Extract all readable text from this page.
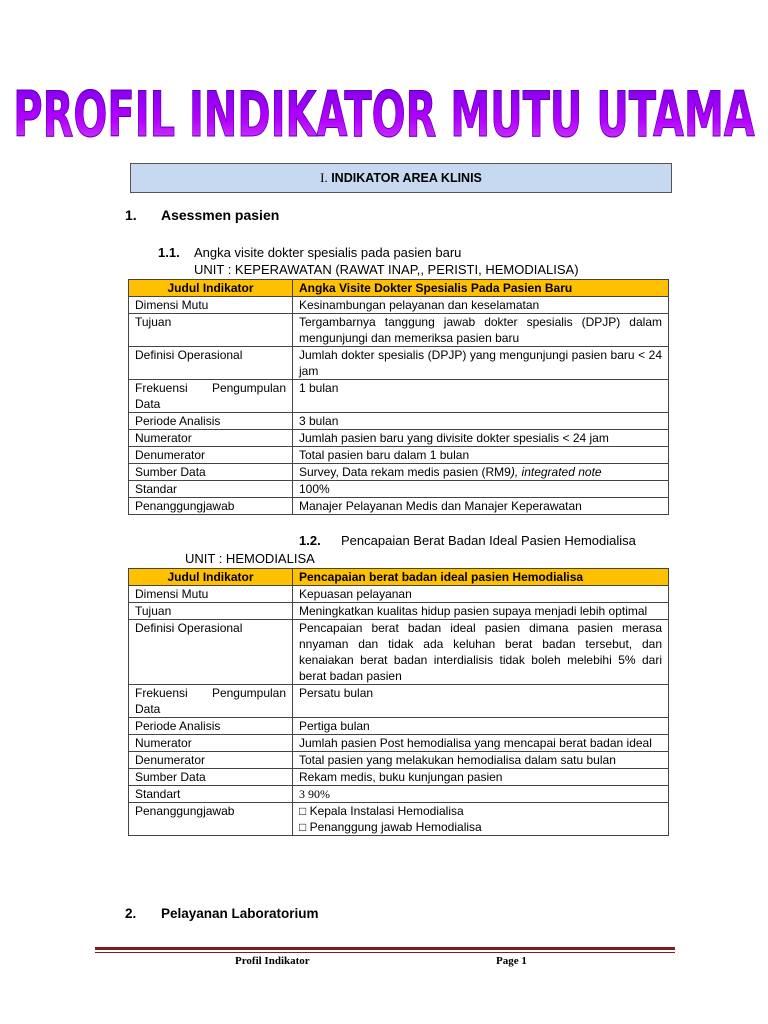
PROFIL INDIKATOR MUTU UTAMA
I. INDIKATOR AREA KLINIS
1. Asessmen pasien
1.1. Angka visite dokter spesialis pada pasien baru
UNIT : KEPERAWATAN (RAWAT INAP,, PERISTI, HEMODIALISA)
Judul Indikator	Angka Visite Dokter Spesialis Pada Pasien Baru
Dimensi Mutu	Kesinambungan pelayanan dan keselamatan
Tujuan	Tergambarnya tanggung jawab dokter spesialis (DPJP) dalam mengunjungi dan memeriksa pasien baru
Definisi Operasional	Jumlah dokter spesialis (DPJP) yang mengunjungi pasien baru < 24 jam
Frekuensi Pengumpulan Data	1 bulan
Periode Analisis	3 bulan
Numerator	Jumlah pasien baru yang divisite dokter spesialis < 24 jam
Denumerator	Total pasien baru dalam 1 bulan
Sumber Data	Survey, Data rekam medis pasien (RM9), integrated note
Standar	100%
Penanggungjawab	Manajer Pelayanan Medis dan Manajer Keperawatan
1.2. Pencapaian Berat Badan Ideal Pasien Hemodialisa
UNIT : HEMODIALISA
Judul Indikator	Pencapaian berat badan ideal pasien Hemodialisa
Dimensi Mutu	Kepuasan pelayanan
Tujuan	Meningkatkan kualitas hidup pasien supaya menjadi lebih optimal
Definisi Operasional	Pencapaian berat badan ideal pasien dimana pasien merasa nnyaman dan tidak ada keluhan berat badan tersebut, dan kenaiakan berat badan interdialisis tidak boleh melebihi 5% dari berat badan pasien
Frekuensi Pengumpulan Data	Persatu bulan
Periode Analisis	Pertiga bulan
Numerator	Jumlah pasien Post hemodialisa yang mencapai berat badan ideal
Denumerator	Total pasien yang melakukan hemodialisa dalam satu bulan
Sumber Data	Rekam medis, buku kunjungan pasien
Standart	3 90%
Penanggungjawab	□ Kepala Instalasi Hemodialisa
□ Penanggung jawab Hemodialisa
2. Pelayanan Laboratorium
Profil Indikator	Page 1
